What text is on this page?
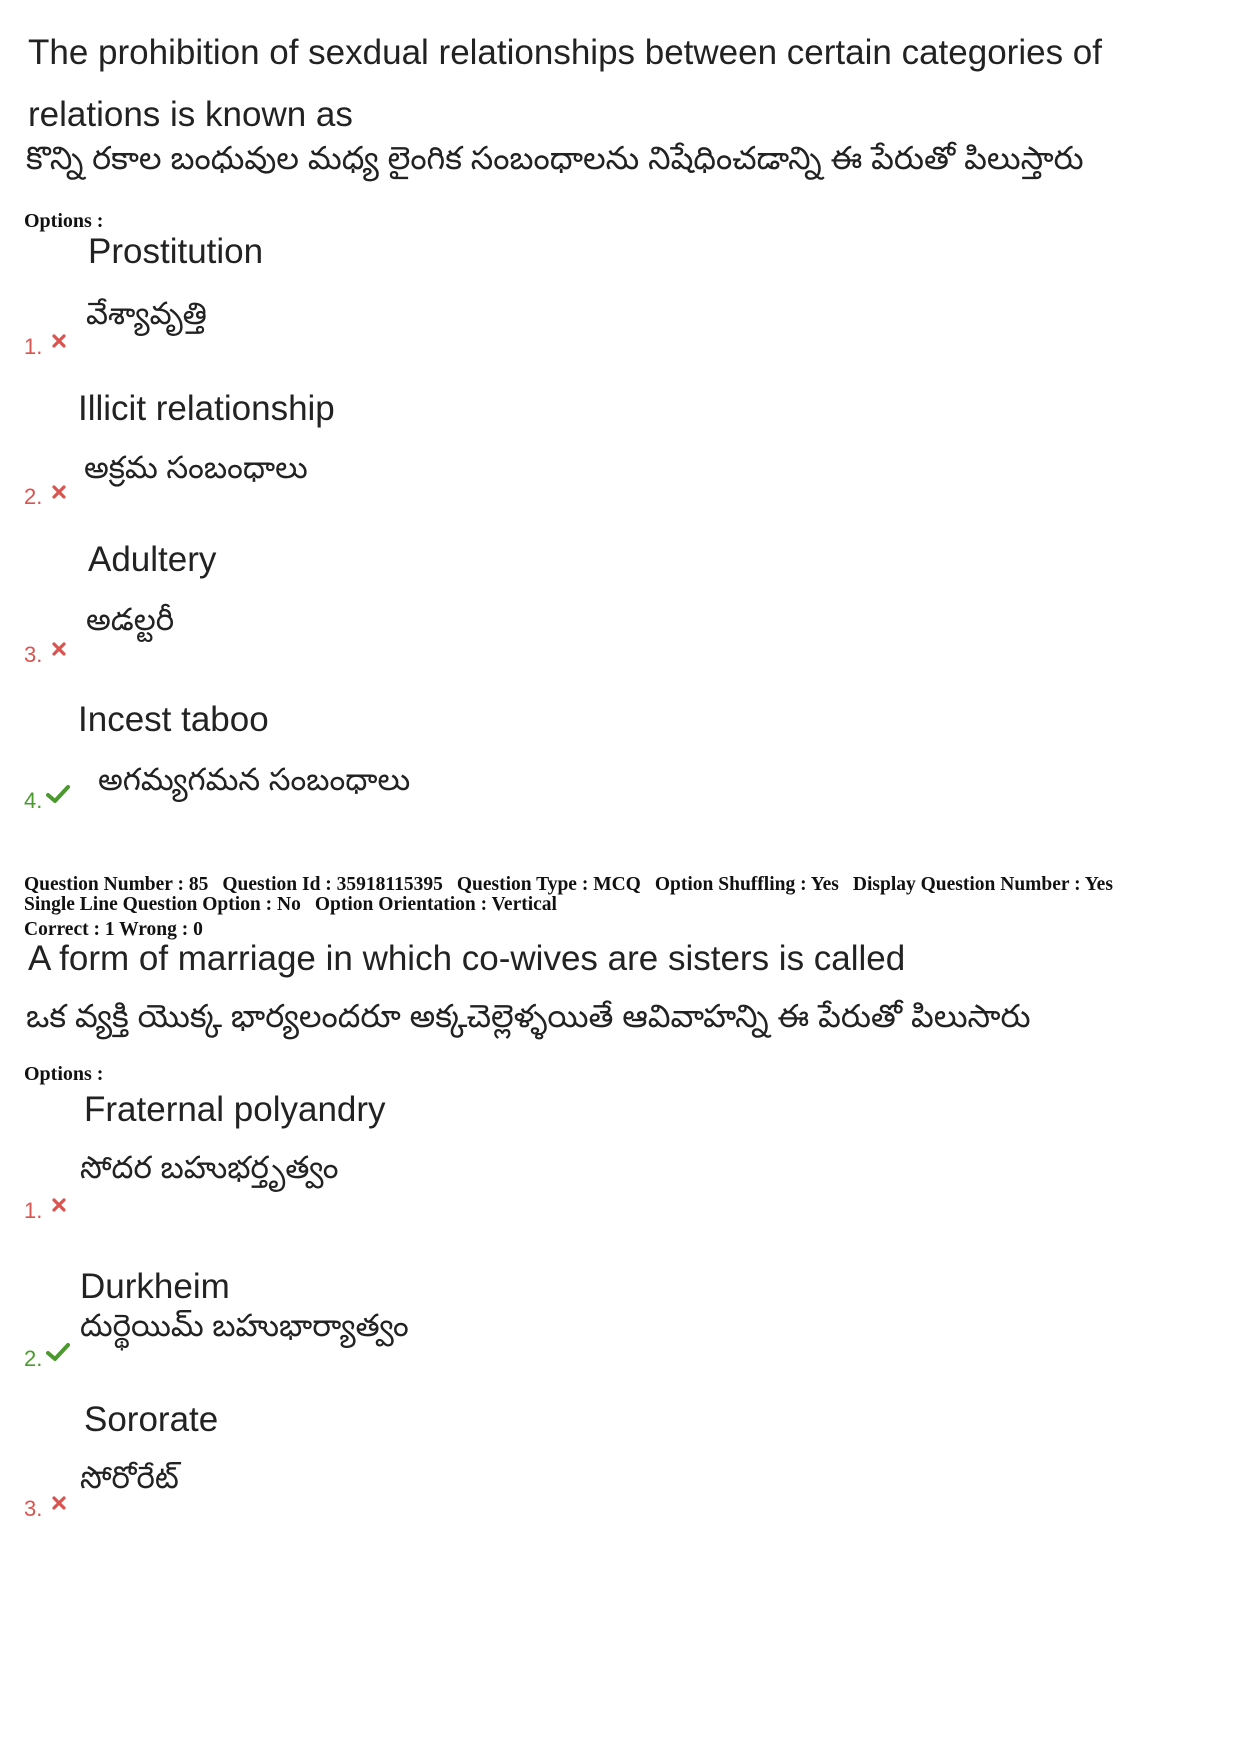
The prohibition of sexdual relationships between certain categories of relations is known as
కొన్ని రకాల బంధువుల మధ్య లైంగిక సంబంధాలను నిషేధించడాన్ని ఈ పేరుతో పిలుస్తారు
Options :
Prostitution
వేశ్యావృత్తి
1.
Illicit relationship
అక్రమ సంబంధాలు
2.
Adultery
అడల్టరీ
3.
Incest taboo
అగమ్యగమన సంబంధాలు
4.
Question Number : 85 Question Id : 35918115395 Question Type : MCQ Option Shuffling : Yes Display Question Number : Yes
Single Line Question Option : No Option Orientation : Vertical
Correct : 1 Wrong : 0
A form of marriage in which co-wives are sisters is called
ఒక వ్యక్తి యొక్క భార్యలందరూ అక్కచెల్లెళ్ళయితే ఆవివాహన్ని ఈ పేరుతో పిలుసారు
Options :
Fraternal polyandry
సోదర బహుభర్తృత్వం
1.
Durkheim
దుర్థెయిమ్ బహుభార్యాత్వం
2.
Sororate
సోరోరేట్
3.
